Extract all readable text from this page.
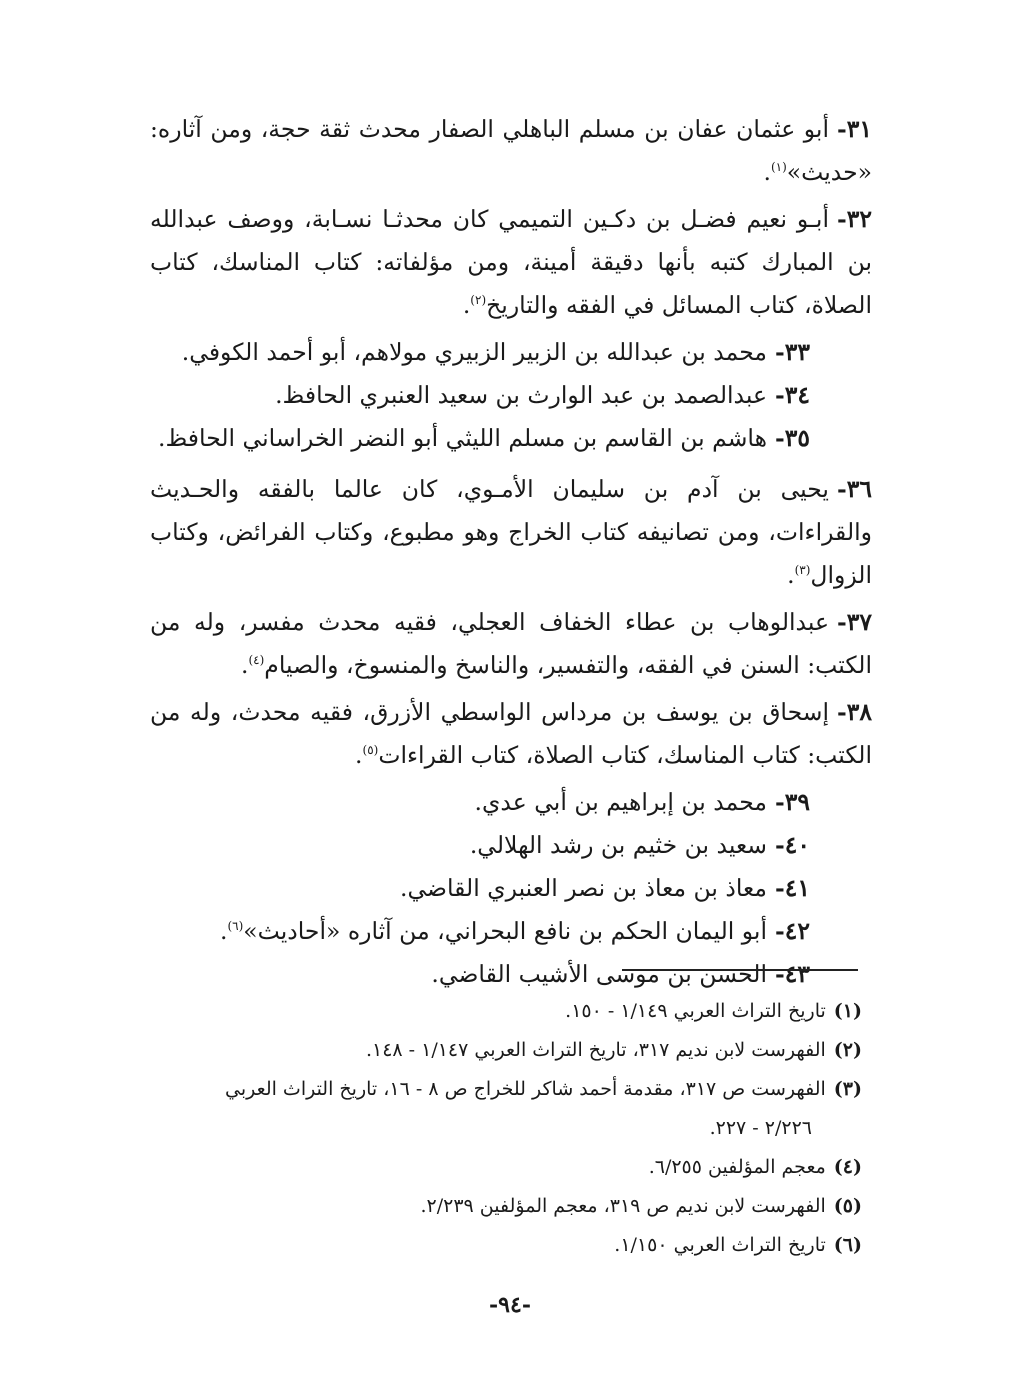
٣١-أبو عثمان عفان بن مسلم الباهلي الصفار محدث ثقة حجة، ومن آثاره: «حديث»$^{(١)}$.

٣٢-أبـو نعيم فضـل بن دكـين التميمي كان محدثـا نسـابة، ووصف عبدالله بن المبارك كتبه بأنها دقيقة أمينة، ومن مؤلفاته: كتاب المناسك، كتاب الصلاة، كتاب المسائل في الفقه والتاريخ$^{(٢)}$.

٣٣-محمد بن عبدالله بن الزبير الزبيري مولاهم، أبو أحمد الكوفي.

٣٤-عبدالصمد بن عبد الوارث بن سعيد العنبري الحافظ.

٣٥-هاشم بن القاسم بن مسلم الليثي أبو النضر الخراساني الحافظ.

٣٦-يحيى بن آدم بن سليمان الأمـوي، كان عالما بالفقه والحـديث والقراءات، ومن تصانيفه كتاب الخراج وهو مطبوع، وكتاب الفرائض، وكتاب الزوال$^{(٣)}$.

٣٧-عبدالوهاب بن عطاء الخفاف العجلي، فقيه محدث مفسر، وله من الكتب: السنن في الفقه، والتفسير، والناسخ والمنسوخ، والصيام$^{(٤)}$.

٣٨-إسحاق بن يوسف بن مرداس الواسطي الأزرق، فقيه محدث، وله من الكتب: كتاب المناسك، كتاب الصلاة، كتاب القراءات$^{(٥)}$.

٣٩-محمد بن إبراهيم بن أبي عدي.

٤٠-سعيد بن خثيم بن رشد الهلالي.

٤١-معاذ بن معاذ بن نصر العنبري القاضي.

٤٢-أبو اليمان الحكم بن نافع البحراني، من آثاره «أحاديث»$^{(٦)}$.

٤٣-الحسن بن موسى الأشيب القاضي.

(١)تاريخ التراث العربي ١/١٤٩ - ١٥٠.

(٢)الفهرست لابن نديم ٣١٧، تاريخ التراث العربي ١/١٤٧ - ١٤٨.

(٣)الفهرست ص ٣١٧، مقدمة أحمد شاكر للخراج ص ٨ - ١٦، تاريخ التراث العربي
٢/٢٢٦ - ٢٢٧.

(٤)معجم المؤلفين ٦/٢٥٥.

(٥)الفهرست لابن نديم ص ٣١٩، معجم المؤلفين ٢/٢٣٩.

(٦)تاريخ التراث العربي ١/١٥٠.

-٩٤-
